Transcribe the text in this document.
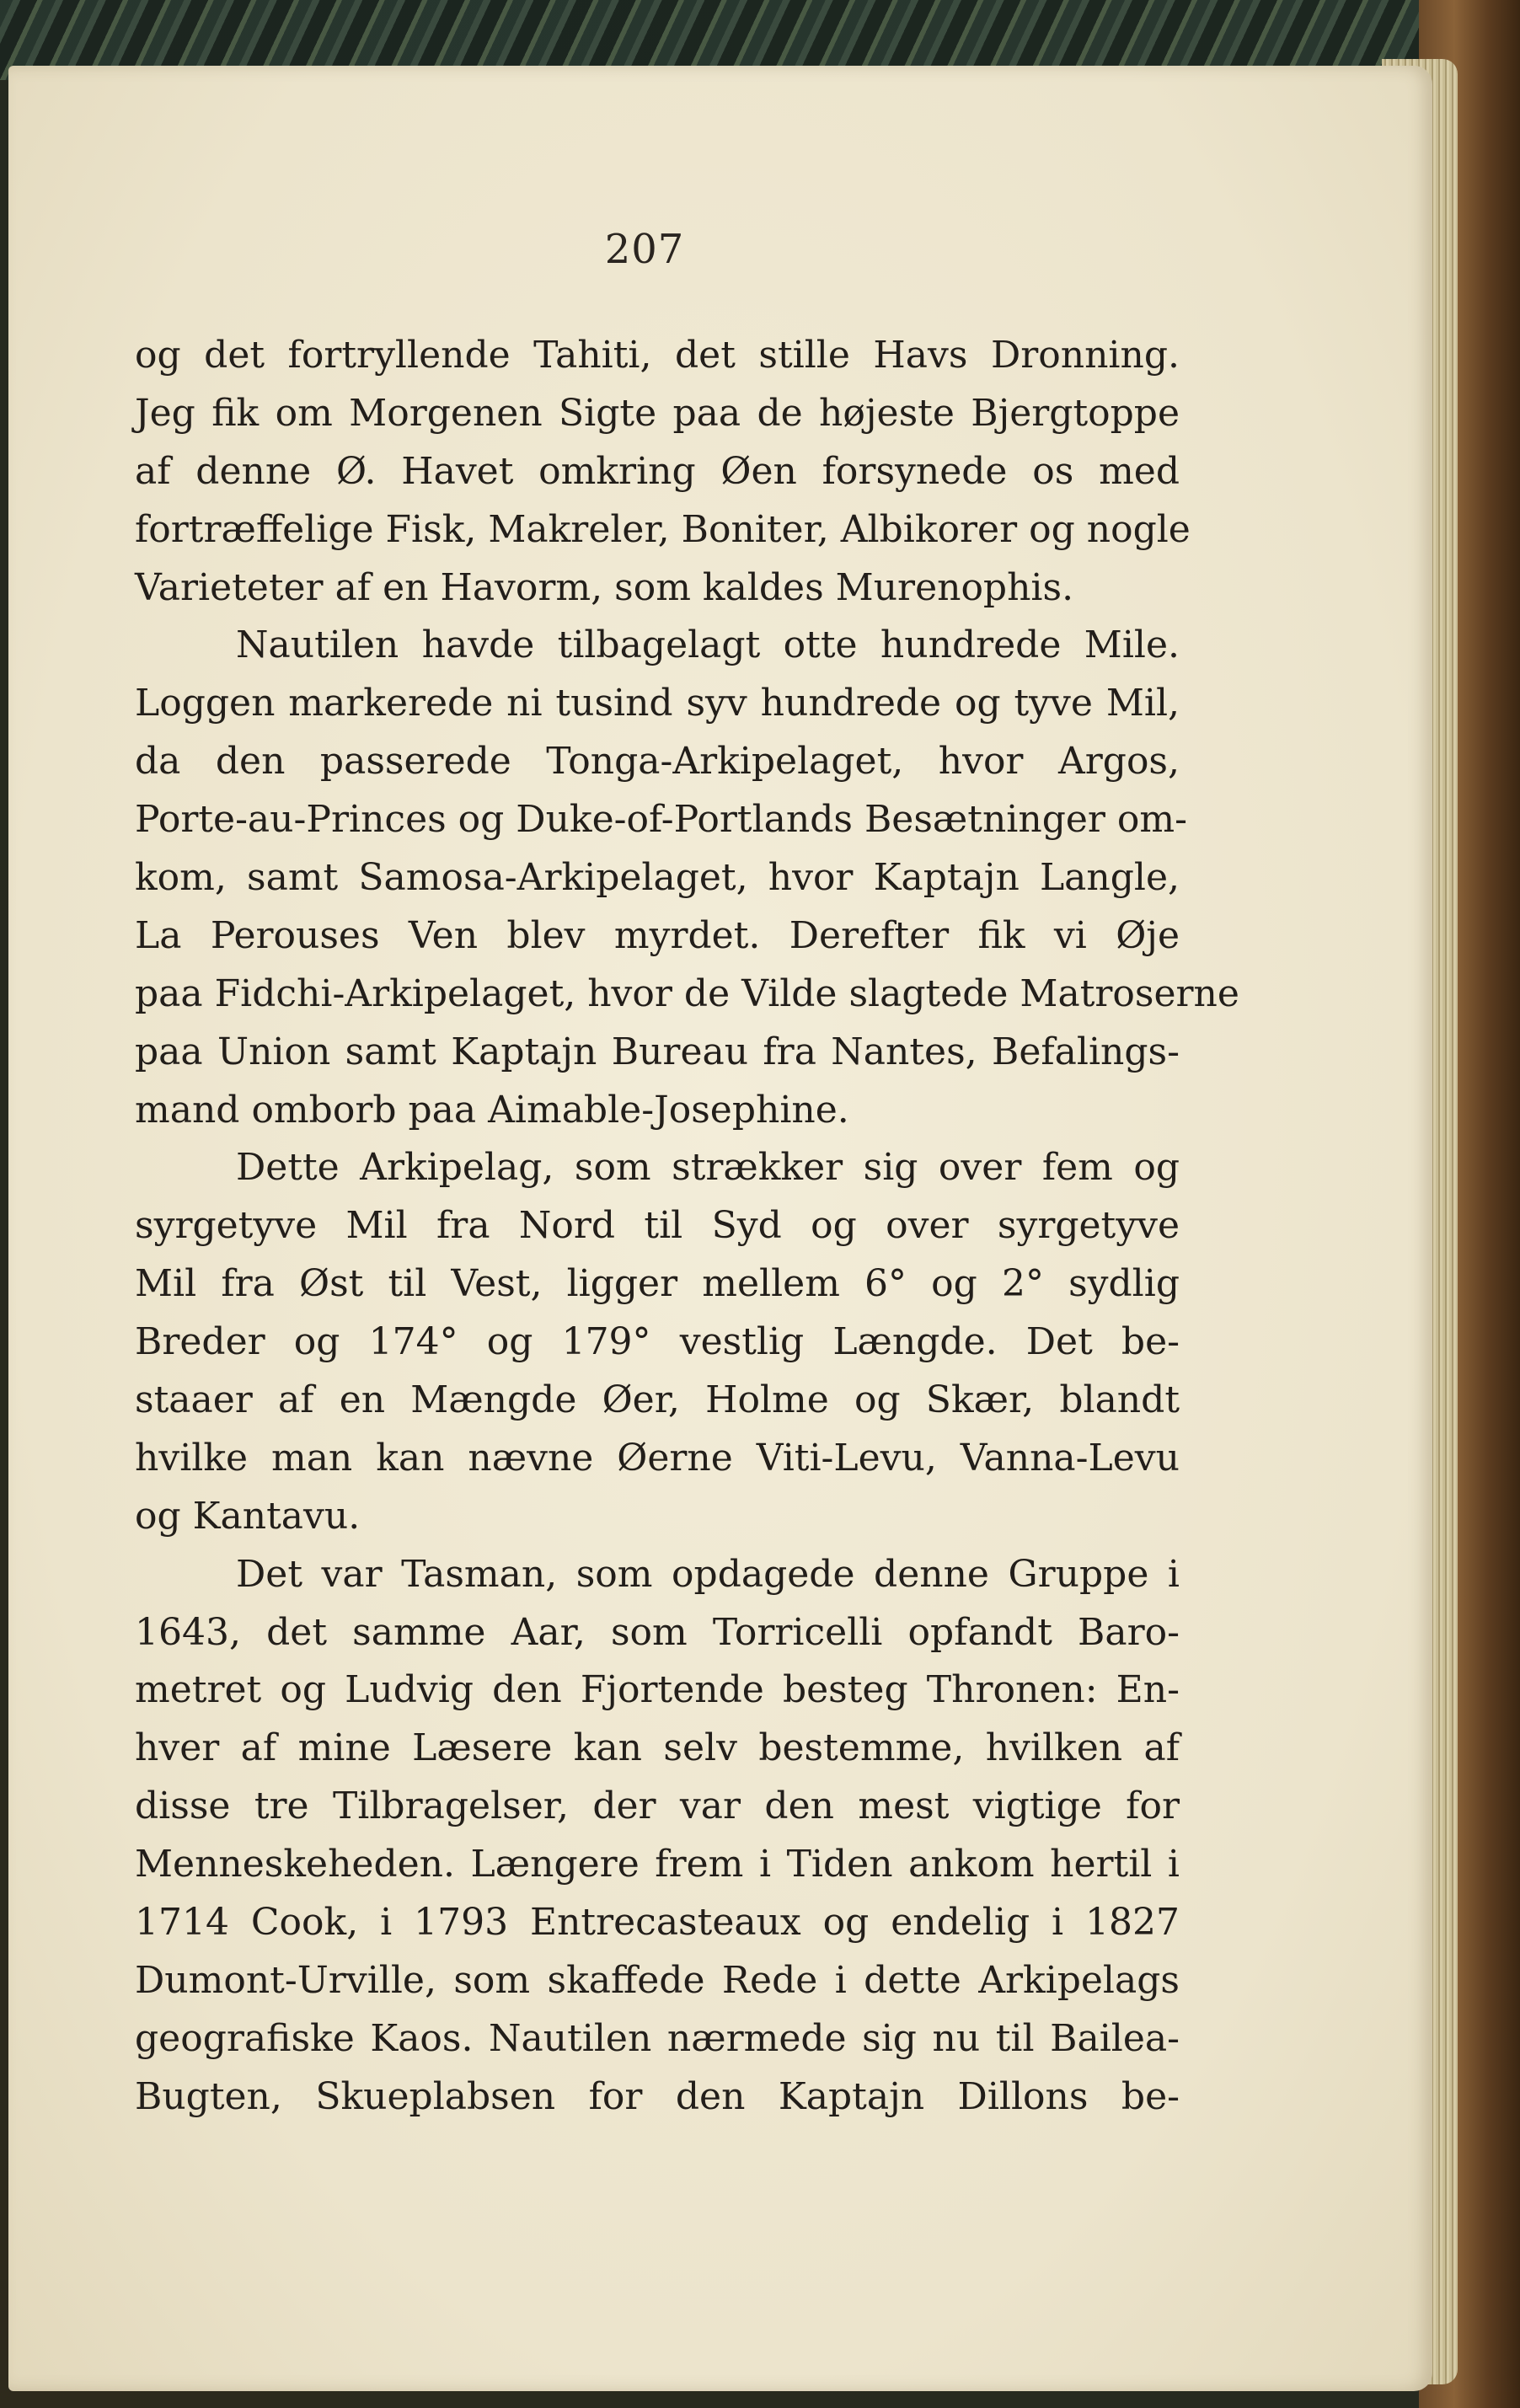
207
og det fortryllende Tahiti, det stille Havs Dronning.
Jeg fik om Morgenen Sigte paa de højeste Bjergtoppe
af denne Ø. Havet omkring Øen forsynede os med
fortræffelige Fisk, Makreler, Boniter, Albikorer og nogle
Varieteter af en Havorm, som kaldes Murenophis.
Nautilen havde tilbagelagt otte hundrede Mile.
Loggen markerede ni tusind syv hundrede og tyve Mil,
da den passerede Tonga-Arkipelaget, hvor Argos,
Porte-au-Princes og Duke-of-Portlands Besætninger om-
kom, samt Samosa-Arkipelaget, hvor Kaptajn Langle,
La Perouses Ven blev myrdet. Derefter fik vi Øje
paa Fidchi-Arkipelaget, hvor de Vilde slagtede Matroserne
paa Union samt Kaptajn Bureau fra Nantes, Befalings-
mand omborb paa Aimable-Josephine.
Dette Arkipelag, som strækker sig over fem og
syrgetyve Mil fra Nord til Syd og over syrgetyve
Mil fra Øst til Vest, ligger mellem 6° og 2° sydlig
Breder og 174° og 179° vestlig Længde. Det be-
staaer af en Mængde Øer, Holme og Skær, blandt
hvilke man kan nævne Øerne Viti-Levu, Vanna-Levu
og Kantavu.
Det var Tasman, som opdagede denne Gruppe i
1643, det samme Aar, som Torricelli opfandt Baro-
metret og Ludvig den Fjortende besteg Thronen: En-
hver af mine Læsere kan selv bestemme, hvilken af
disse tre Tilbragelser, der var den mest vigtige for
Menneskeheden. Længere frem i Tiden ankom hertil i
1714 Cook, i 1793 Entrecasteaux og endelig i 1827
Dumont-Urville, som skaffede Rede i dette Arkipelags
geografiske Kaos. Nautilen nærmede sig nu til Bailea-
Bugten, Skueplabsen for den Kaptajn Dillons be-
